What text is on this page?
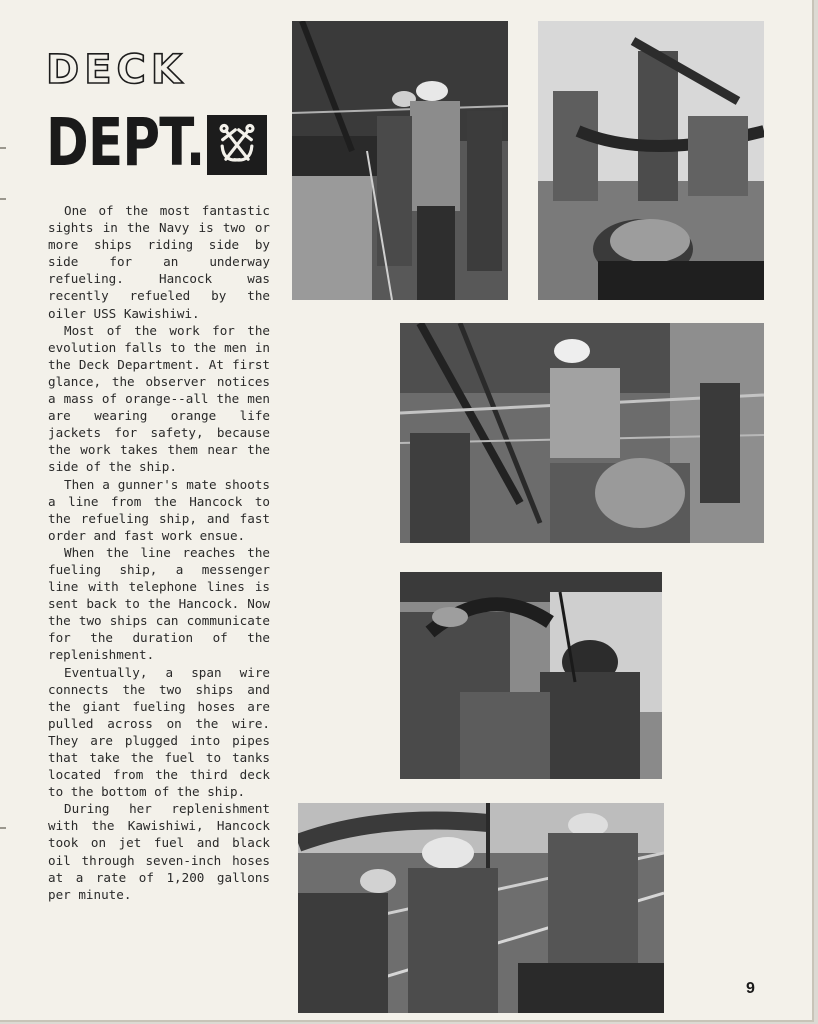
DECK
DEPT.

One of the most fantastic sights in the Navy is two or more ships riding side by side for an underway refueling. Hancock was recently refueled by the oiler USS Kawishiwi.

Most of the work for the evolution falls to the men in the Deck Department. At first glance, the observer notices a mass of orange--all the men are wearing orange life jackets for safety, because the work takes them near the side of the ship.

Then a gunner's mate shoots a line from the Hancock to the refueling ship, and fast order and fast work ensue.

When the line reaches the fueling ship, a messenger line with telephone lines is sent back to the Hancock. Now the two ships can communicate for the duration of the replenishment.

Eventually, a span wire connects the two ships and the giant fueling hoses are pulled across on the wire. They are plugged into pipes that take the fuel to tanks located from the third deck to the bottom of the ship.

During her replenishment with the Kawishiwi, Hancock took on jet fuel and black oil through seven-inch hoses at a rate of 1,200 gallons per minute.

9
